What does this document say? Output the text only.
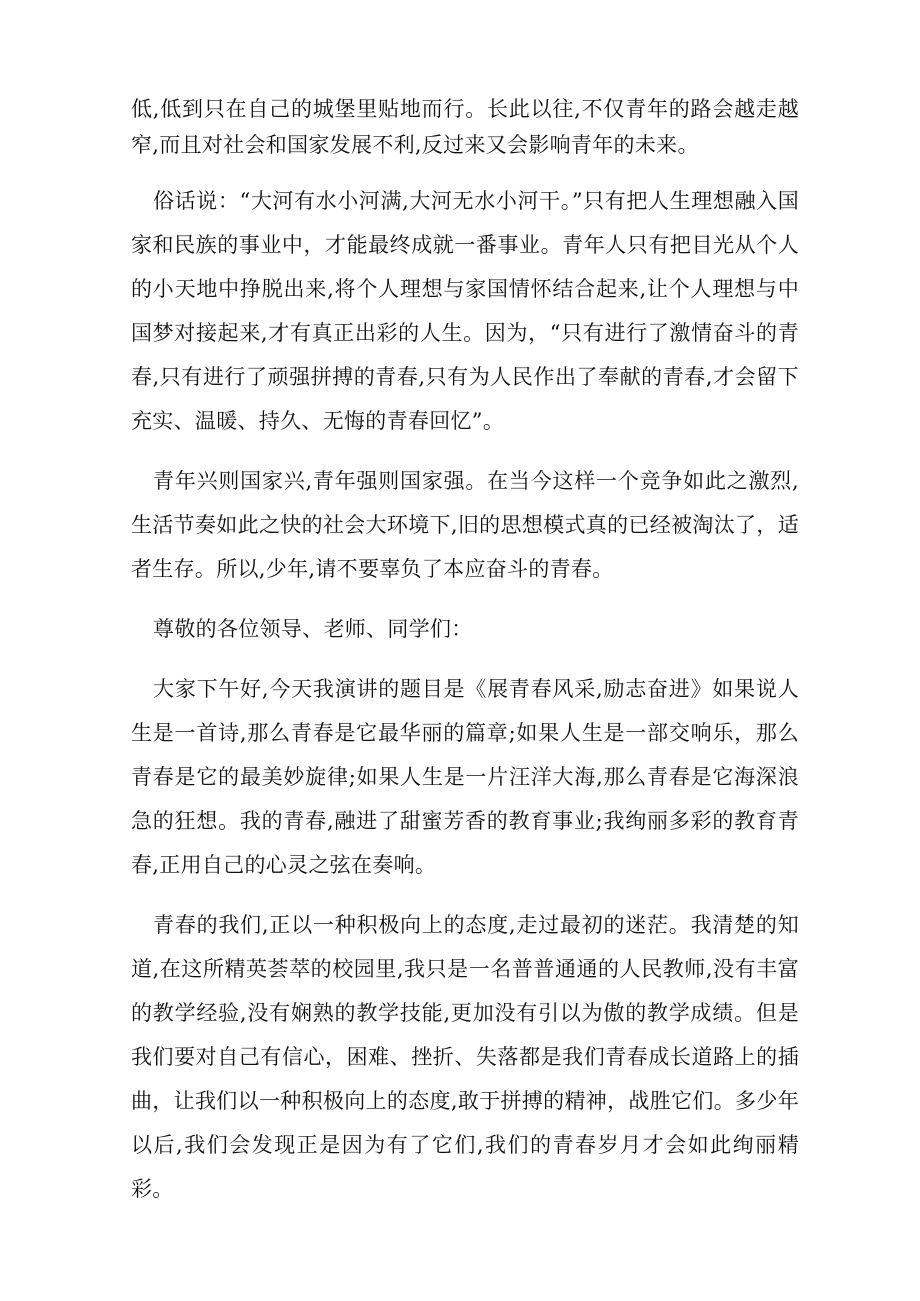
低,低到只在自己的城堡里贴地而行。长此以往,不仅青年的路会越走越窄,而且对社会和国家发展不利,反过来又会影响青年的未来。

俗话说：“大河有水小河满,大河无水小河干。”只有把人生理想融入国家和民族的事业中，才能最终成就一番事业。青年人只有把目光从个人的小天地中挣脱出来,将个人理想与家国情怀结合起来,让个人理想与中国梦对接起来,才有真正出彩的人生。因为，“只有进行了激情奋斗的青春,只有进行了顽强拼搏的青春,只有为人民作出了奉献的青春,才会留下充实、温暖、持久、无悔的青春回忆”。

青年兴则国家兴,青年强则国家强。在当今这样一个竞争如此之激烈,生活节奏如此之快的社会大环境下,旧的思想模式真的已经被淘汰了，适者生存。所以,少年,请不要辜负了本应奋斗的青春。

尊敬的各位领导、老师、同学们：

大家下午好,今天我演讲的题目是《展青春风采,励志奋进》如果说人生是一首诗,那么青春是它最华丽的篇章;如果人生是一部交响乐，那么青春是它的最美妙旋律;如果人生是一片汪洋大海,那么青春是它海深浪急的狂想。我的青春,融进了甜蜜芳香的教育事业;我绚丽多彩的教育青春,正用自己的心灵之弦在奏响。

青春的我们,正以一种积极向上的态度,走过最初的迷茫。我清楚的知道,在这所精英荟萃的校园里,我只是一名普普通通的人民教师,没有丰富的教学经验,没有娴熟的教学技能,更加没有引以为傲的教学成绩。但是我们要对自己有信心，困难、挫折、失落都是我们青春成长道路上的插曲，让我们以一种积极向上的态度,敢于拼搏的精神，战胜它们。多少年以后,我们会发现正是因为有了它们,我们的青春岁月才会如此绚丽精彩。
